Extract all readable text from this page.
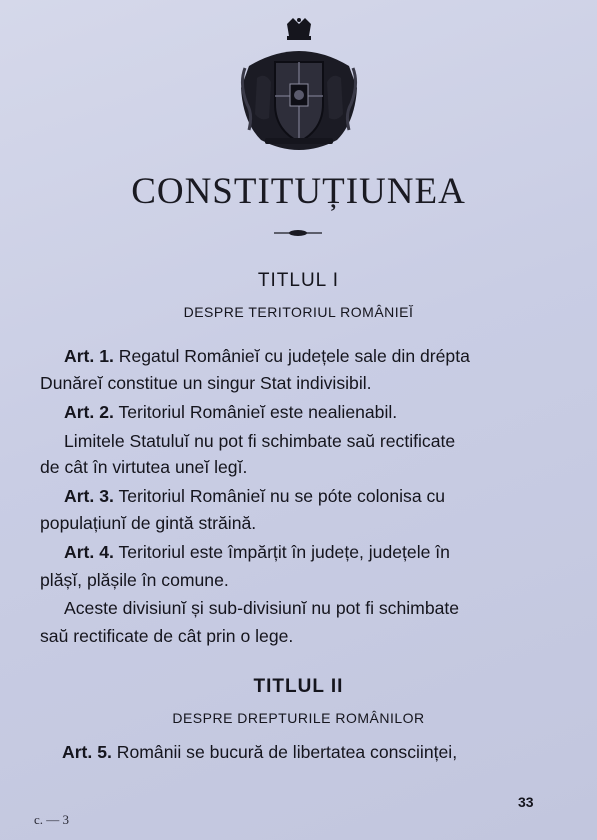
CONSTITUȚIUNEA
TITLUL I
DESPRE TERITORIUL ROMÂNIEĬ
Art. 1. Regatul Românieĭ cu județele sale din drépta
Dunăreĭ constitue un singur Stat indivisibil.
Art. 2. Teritoriul Românieĭ este nealienabil.
Limitele Statuluĭ nu pot fi schimbate saŭ rectificate
de cât în virtutea uneĭ legĭ.
Art. 3. Teritoriul Românieĭ nu se póte colonisa cu
populațiunĭ de gintă străină.
Art. 4. Teritoriul este împărțit în județe, județele în
plășĭ, plășile în comune.
Aceste divisiunĭ și sub-divisiunĭ nu pot fi schimbate
saŭ rectificate de cât prin o lege.
TITLUL II
DESPRE DREPTURILE ROMÂNILOR
Art. 5. Românii se bucură de libertatea consciinței,
33
c. — 3
